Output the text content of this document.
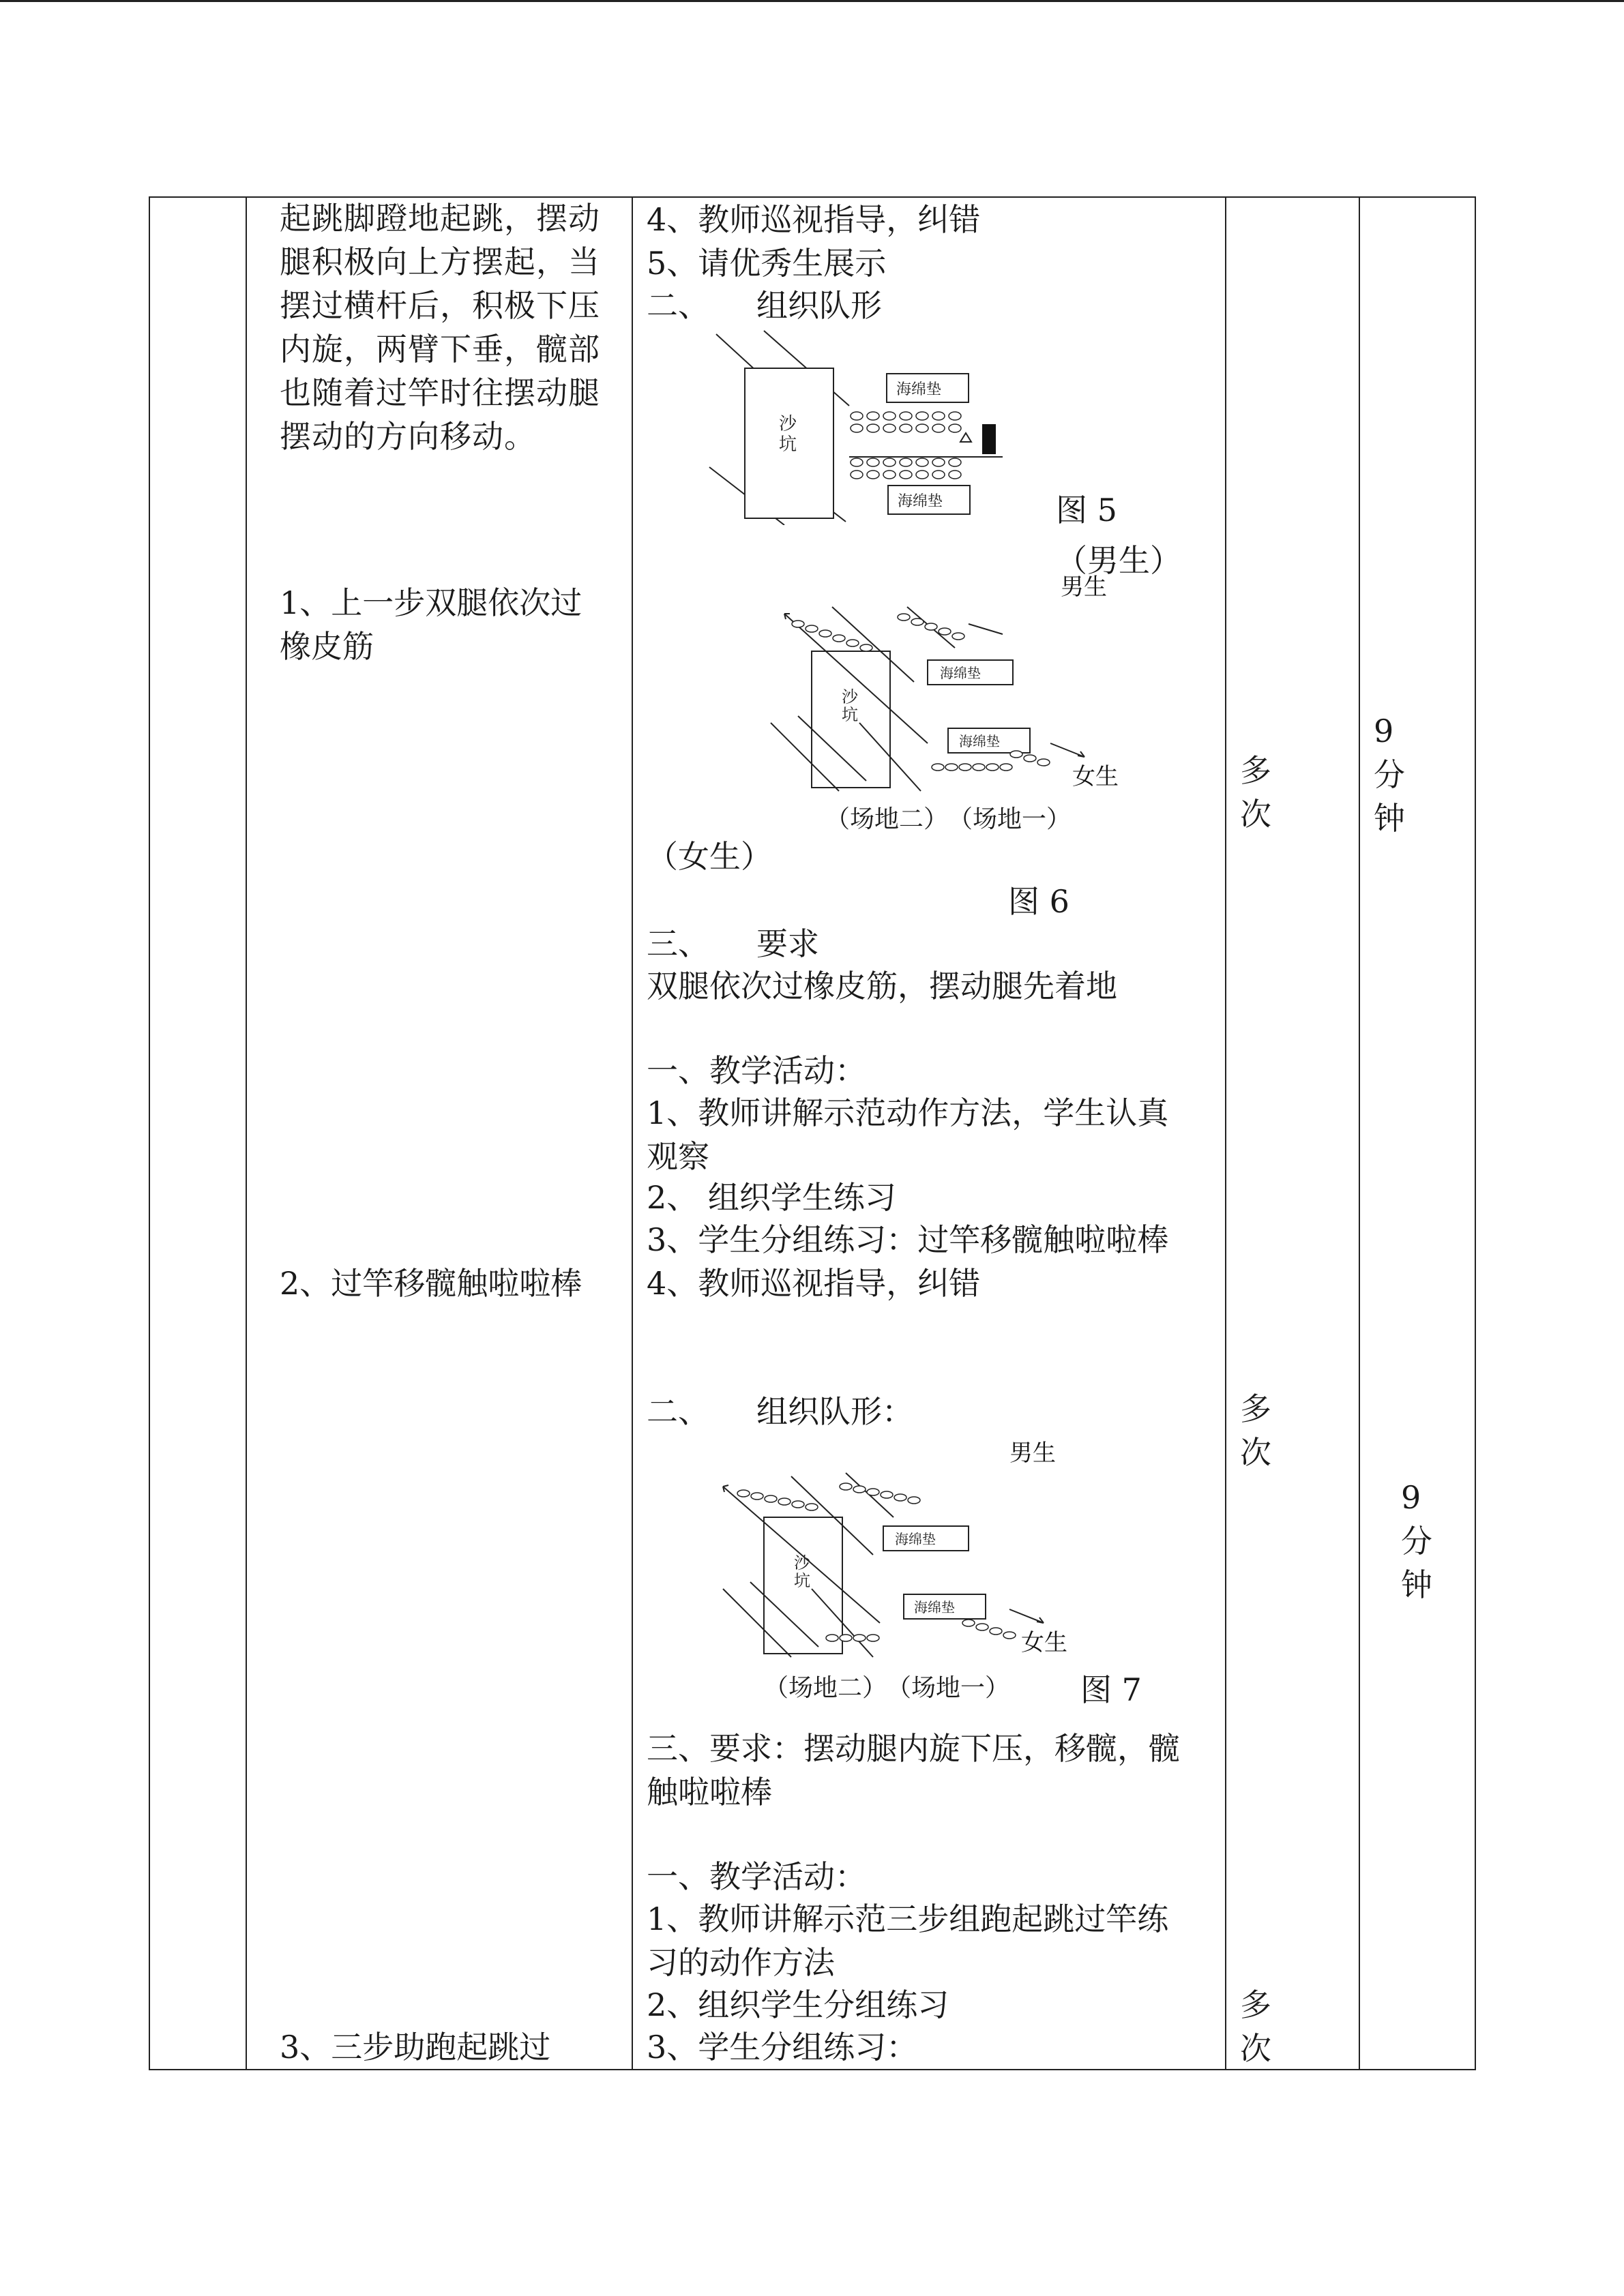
起跳脚蹬地起跳，摆动腿积极向上方摆起，当摆过横杆后，积极下压内旋，两臂下垂，髋部也随着过竿时往摆动腿摆动的方向移动。
1、上一步双腿依次过橡皮筋
2、过竿移髋触啦啦棒
3、三步助跑起跳过
4、教师巡视指导，纠错
5、请优秀生展示
二、　　组织队形
沙
坑
海绵垫
海绵垫	图 5
（男生）
沙
坑
海绵垫
海绵垫
男生
女生
（场地二） （场地一）
（女生）
图 6
三、　　要求
双腿依次过橡皮筋，摆动腿先着地
一、教学活动：
1、教师讲解示范动作方法，学生认真观察
2、 组织学生练习
3、学生分组练习：过竿移髋触啦啦棒
4、教师巡视指导，纠错
二、　　组织队形：
沙
坑
海绵垫
海绵垫
男生
女生
（场地二） （场地一） 图 7
三、要求：摆动腿内旋下压，移髋，髋触啦啦棒
一、教学活动：
1、教师讲解示范三步组跑起跳过竿练习的动作方法
2、组织学生分组练习
3、学生分组练习：
多次
多次
多次
9分钟
9分钟
